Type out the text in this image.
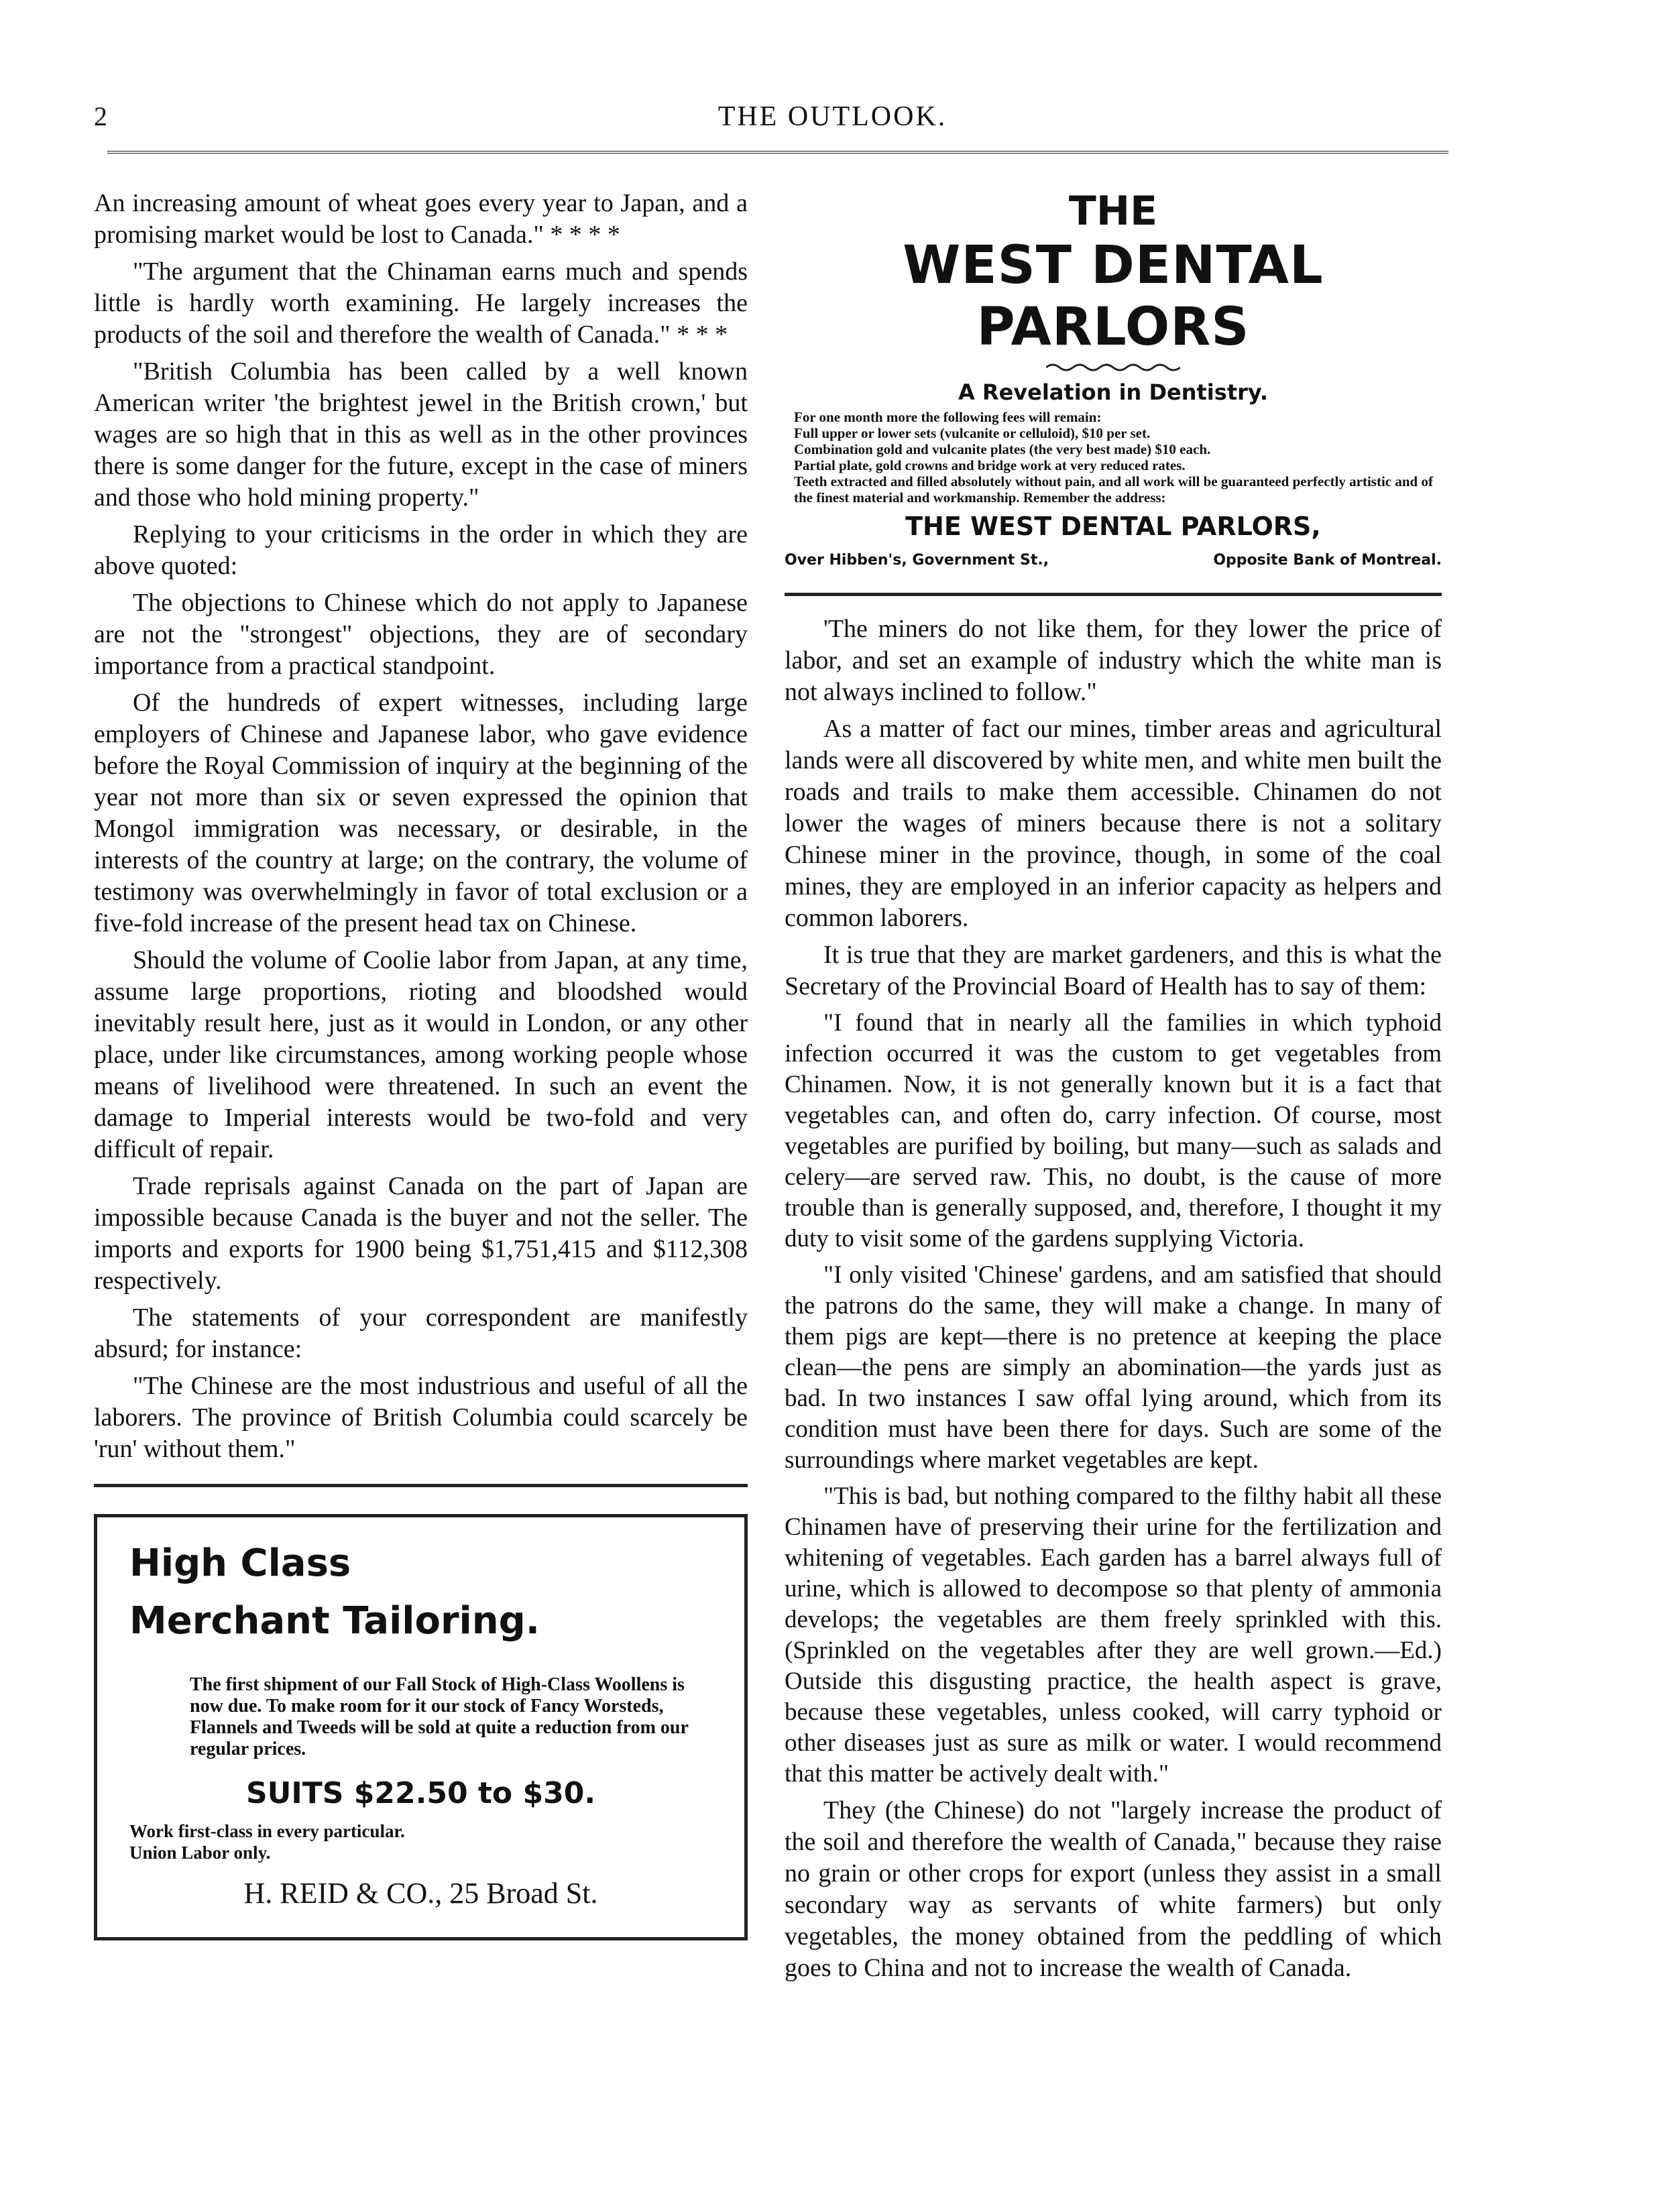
2	THE OUTLOOK.

An increasing amount of wheat goes every year to Japan, and a promising market would be lost to Canada." * * * *

"The argument that the Chinaman earns much and spends little is hardly worth examining. He largely increases the products of the soil and therefore the wealth of Canada." * * *

"British Columbia has been called by a well known American writer 'the brightest jewel in the British crown,' but wages are so high that in this as well as in the other provinces there is some danger for the future, except in the case of miners and those who hold mining property."

Replying to your criticisms in the order in which they are above quoted:

The objections to Chinese which do not apply to Japanese are not the "strongest" objections, they are of secondary importance from a practical standpoint.

Of the hundreds of expert witnesses, including large employers of Chinese and Japanese labor, who gave evidence before the Royal Commission of inquiry at the beginning of the year not more than six or seven expressed the opinion that Mongol immigration was necessary, or desirable, in the interests of the country at large; on the contrary, the volume of testimony was overwhelmingly in favor of total exclusion or a five-fold increase of the present head tax on Chinese.

Should the volume of Coolie labor from Japan, at any time, assume large proportions, rioting and bloodshed would inevitably result here, just as it would in London, or any other place, under like circumstances, among working people whose means of livelihood were threatened. In such an event the damage to Imperial interests would be two-fold and very difficult of repair.

Trade reprisals against Canada on the part of Japan are impossible because Canada is the buyer and not the seller. The imports and exports for 1900 being $1,751,415 and $112,308 respectively.

The statements of your correspondent are manifestly absurd; for instance:

"The Chinese are the most industrious and useful of all the laborers. The province of British Columbia could scarcely be 'run' without them."

High Class
Merchant Tailoring.
The first shipment of our Fall Stock of High-Class Woollens is now due. To make room for it our stock of Fancy Worsteds, Flannels and Tweeds will be sold at quite a reduction from our regular prices.
SUITS $22.50 to $30.
Work first-class in every particular.
Union Labor only.
H. REID & CO., 25 Broad St.
THE
WEST DENTAL PARLORS
A Revelation in Dentistry.
For one month more the following fees will remain:
Full upper or lower sets (vulcanite or celluloid), $10 per set.
Combination gold and vulcanite plates (the very best made) $10 each.
Partial plate, gold crowns and bridge work at very reduced rates.
Teeth extracted and filled absolutely without pain, and all work will be guaranteed perfectly artistic and of the finest material and workmanship. Remember the address:
THE WEST DENTAL PARLORS,
Over Hibben's, Government St.,	Opposite Bank of Montreal.

'The miners do not like them, for they lower the price of labor, and set an example of industry which the white man is not always inclined to follow."

As a matter of fact our mines, timber areas and agricultural lands were all discovered by white men, and white men built the roads and trails to make them accessible. Chinamen do not lower the wages of miners because there is not a solitary Chinese miner in the province, though, in some of the coal mines, they are employed in an inferior capacity as helpers and common laborers.

It is true that they are market gardeners, and this is what the Secretary of the Provincial Board of Health has to say of them:

"I found that in nearly all the families in which typhoid infection occurred it was the custom to get vegetables from Chinamen. Now, it is not generally known but it is a fact that vegetables can, and often do, carry infection. Of course, most vegetables are purified by boiling, but many—such as salads and celery—are served raw. This, no doubt, is the cause of more trouble than is generally supposed, and, therefore, I thought it my duty to visit some of the gardens supplying Victoria.

"I only visited 'Chinese' gardens, and am satisfied that should the patrons do the same, they will make a change. In many of them pigs are kept—there is no pretence at keeping the place clean—the pens are simply an abomination—the yards just as bad. In two instances I saw offal lying around, which from its condition must have been there for days. Such are some of the surroundings where market vegetables are kept.

"This is bad, but nothing compared to the filthy habit all these Chinamen have of preserving their urine for the fertilization and whitening of vegetables. Each garden has a barrel always full of urine, which is allowed to decompose so that plenty of ammonia develops; the vegetables are them freely sprinkled with this. (Sprinkled on the vegetables after they are well grown.—Ed.) Outside this disgusting practice, the health aspect is grave, because these vegetables, unless cooked, will carry typhoid or other diseases just as sure as milk or water. I would recommend that this matter be actively dealt with."

They (the Chinese) do not "largely increase the product of the soil and therefore the wealth of Canada," because they raise no grain or other crops for export (unless they assist in a small secondary way as servants of white farmers) but only vegetables, the money obtained from the peddling of which goes to China and not to increase the wealth of Canada.
